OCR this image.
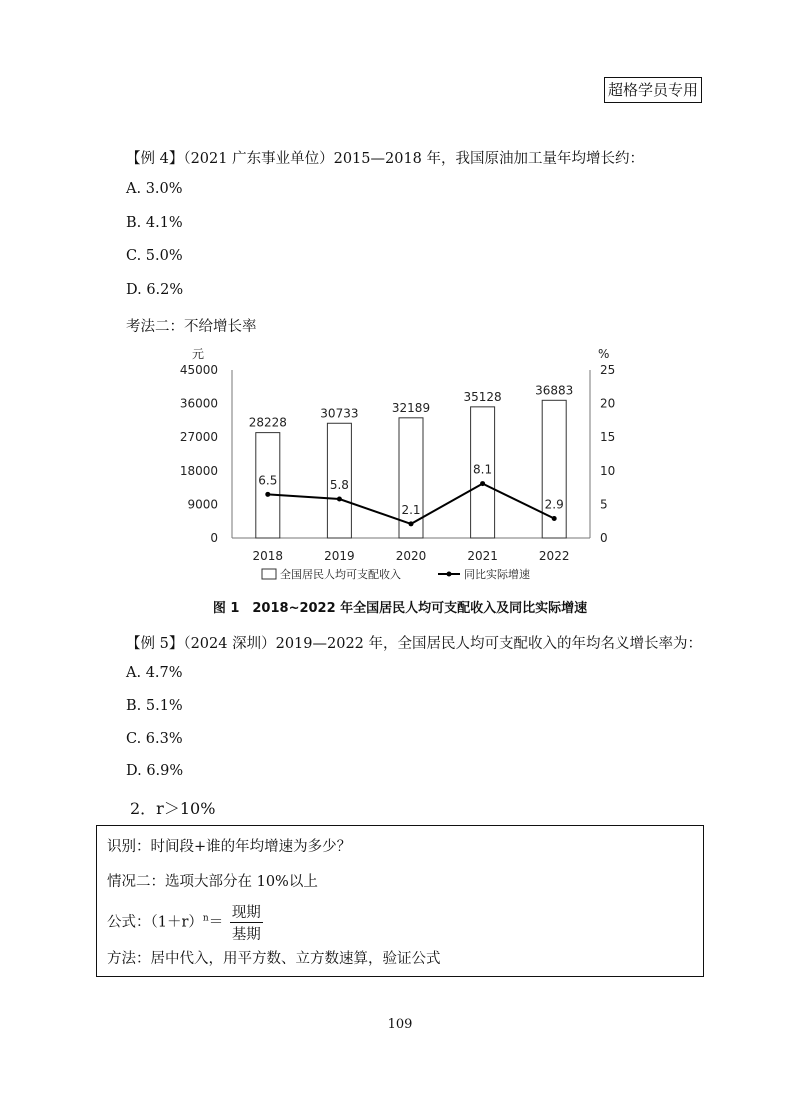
超格学员专用
【例 4】（2021 广东事业单位）2015—2018 年，我国原油加工量年均增长约：
A. 3.0%
B. 4.1%
C. 5.0%
D. 6.2%
考法二：不给增长率
元	%
45000
36000
27000
18000
9000
0
25
20
15
10
5
0
28228
30733	32189
35128	36883
2018	2019	2020	2021	2022
6.5	5.8
2.1
8.1
2.9
全国居民人均可支配收入	同比实际增速
图 1　2018~2022 年全国居民人均可支配收入及同比实际增速
【例 5】（2024 深圳）2019—2022 年，全国居民人均可支配收入的年均名义增长率为：
A. 4.7%
B. 5.1%
C. 6.3%
D. 6.9%
2．r＞10%
识别：时间段+谁的年均增速为多少？
情况二：选项大部分在 10%以上
公式：$(1+r)^n= \frac{\text{现期}}{\text{基期}}$
方法：居中代入，用平方数、立方数速算，验证公式
109
